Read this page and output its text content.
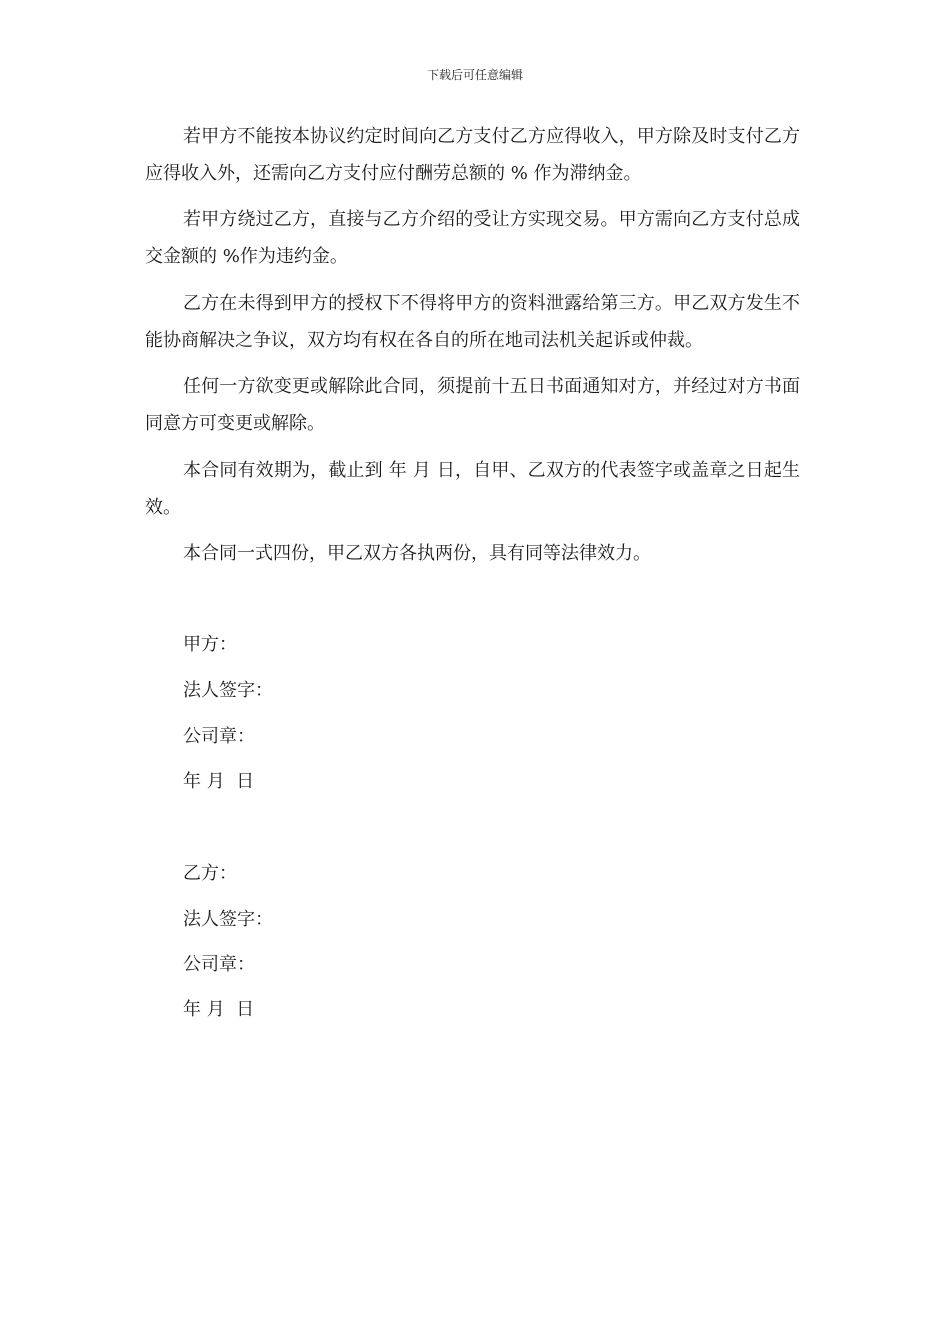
下载后可任意编辑

若甲方不能按本协议约定时间向乙方支付乙方应得收入，甲方除及时支付乙方应得收入外，还需向乙方支付应付酬劳总额的 % 作为滞纳金。

若甲方绕过乙方，直接与乙方介绍的受让方实现交易。甲方需向乙方支付总成交金额的 %作为违约金。

乙方在未得到甲方的授权下不得将甲方的资料泄露给第三方。甲乙双方发生不能协商解决之争议，双方均有权在各自的所在地司法机关起诉或仲裁。

任何一方欲变更或解除此合同，须提前十五日书面通知对方，并经过对方书面同意方可变更或解除。

本合同有效期为，截止到 年 月 日，自甲、乙双方的代表签字或盖章之日起生效。

本合同一式四份，甲乙双方各执两份，具有同等法律效力。

甲方：

法人签字：

公司章：

年 月  日

乙方：

法人签字：

公司章：

年 月  日
